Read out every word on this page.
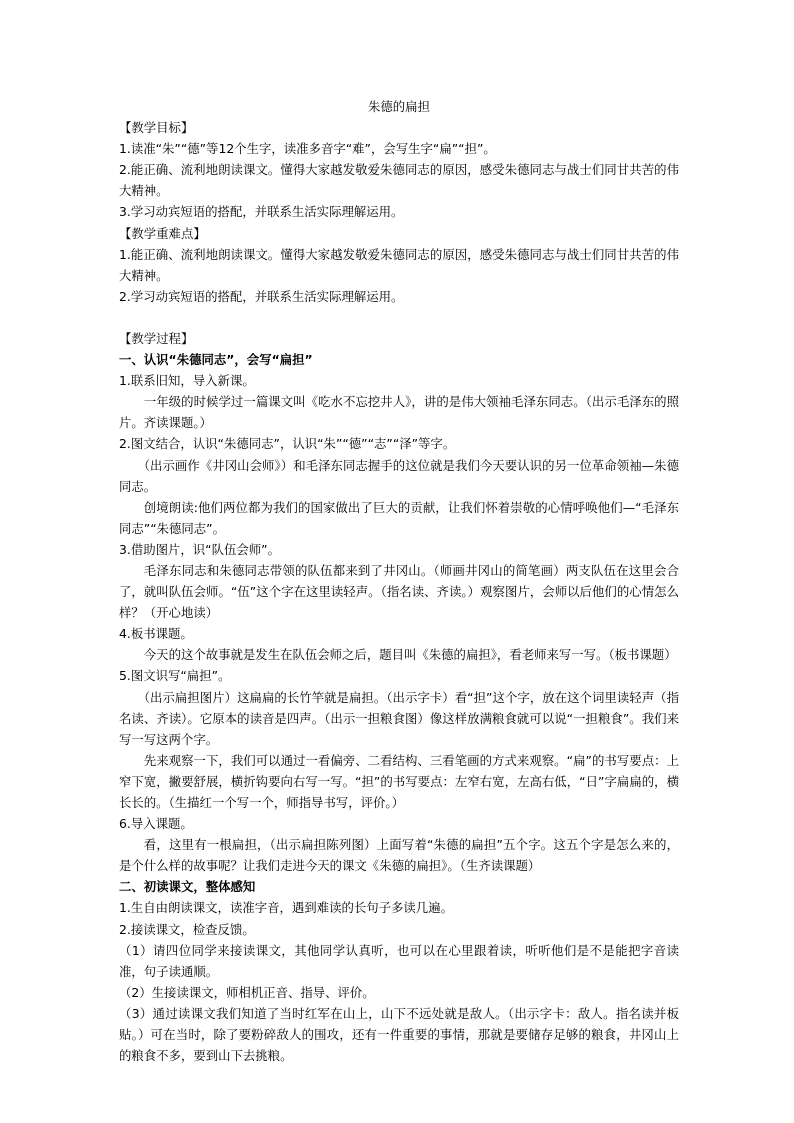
朱德的扁担

【教学目标】

1.读准“朱”“德”等12个生字，读准多音字“难”，会写生字“扁”“担”。

2.能正确、流利地朗读课文。懂得大家越发敬爱朱德同志的原因，感受朱德同志与战士们同甘共苦的伟大精神。

3.学习动宾短语的搭配，并联系生活实际理解运用。

【教学重难点】

1.能正确、流利地朗读课文。懂得大家越发敬爱朱德同志的原因，感受朱德同志与战士们同甘共苦的伟大精神。

2.学习动宾短语的搭配，并联系生活实际理解运用。

【教学过程】

一、认识“朱德同志”，会写“扁担”

1.联系旧知，导入新课。

一年级的时候学过一篇课文叫《吃水不忘挖井人》，讲的是伟大领袖毛泽东同志。（出示毛泽东的照片。齐读课题。）

2.图文结合，认识“朱德同志”，认识“朱”“德”“志”“泽”等字。

（出示画作《井冈山会师》）和毛泽东同志握手的这位就是我们今天要认识的另一位革命领袖—朱德同志。

创境朗读:他们两位都为我们的国家做出了巨大的贡献，让我们怀着崇敬的心情呼唤他们—“毛泽东同志”“朱德同志”。

3.借助图片，识“队伍会师”。

毛泽东同志和朱德同志带领的队伍都来到了井冈山。（师画井冈山的简笔画）两支队伍在这里会合了，就叫队伍会师。“伍”这个字在这里读轻声。（指名读、齐读。）观察图片，会师以后他们的心情怎么样？（开心地读）

4.板书课题。

今天的这个故事就是发生在队伍会师之后，题目叫《朱德的扁担》，看老师来写一写。（板书课题）

5.图文识写“扁担”。

（出示扁担图片）这扁扁的长竹竿就是扁担。（出示字卡）看“担”这个字，放在这个词里读轻声（指名读、齐读）。它原本的读音是四声。（出示一担粮食图）像这样放满粮食就可以说“一担粮食”。我们来写一写这两个字。

先来观察一下，我们可以通过一看偏旁、二看结构、三看笔画的方式来观察。“扁”的书写要点：上窄下宽，撇要舒展，横折钩要向右写一写。“担”的书写要点：左窄右宽，左高右低，“日”字扁扁的，横长长的。（生描红一个写一个，师指导书写，评价。）

6.导入课题。

看，这里有一根扁担，（出示扁担陈列图）上面写着“朱德的扁担”五个字。这五个字是怎么来的，是个什么样的故事呢？让我们走进今天的课文《朱德的扁担》。（生齐读课题）

二、初读课文，整体感知

1.生自由朗读课文，读准字音，遇到难读的长句子多读几遍。

2.接读课文，检查反馈。

（1）请四位同学来接读课文，其他同学认真听，也可以在心里跟着读，听听他们是不是能把字音读准，句子读通顺。

（2）生接读课文，师相机正音、指导、评价。

（3）通过读课文我们知道了当时红军在山上，山下不远处就是敌人。（出示字卡：敌人。指名读并板贴。）可在当时，除了要粉碎敌人的围攻，还有一件重要的事情，那就是要储存足够的粮食，井冈山上的粮食不多，要到山下去挑粮。
